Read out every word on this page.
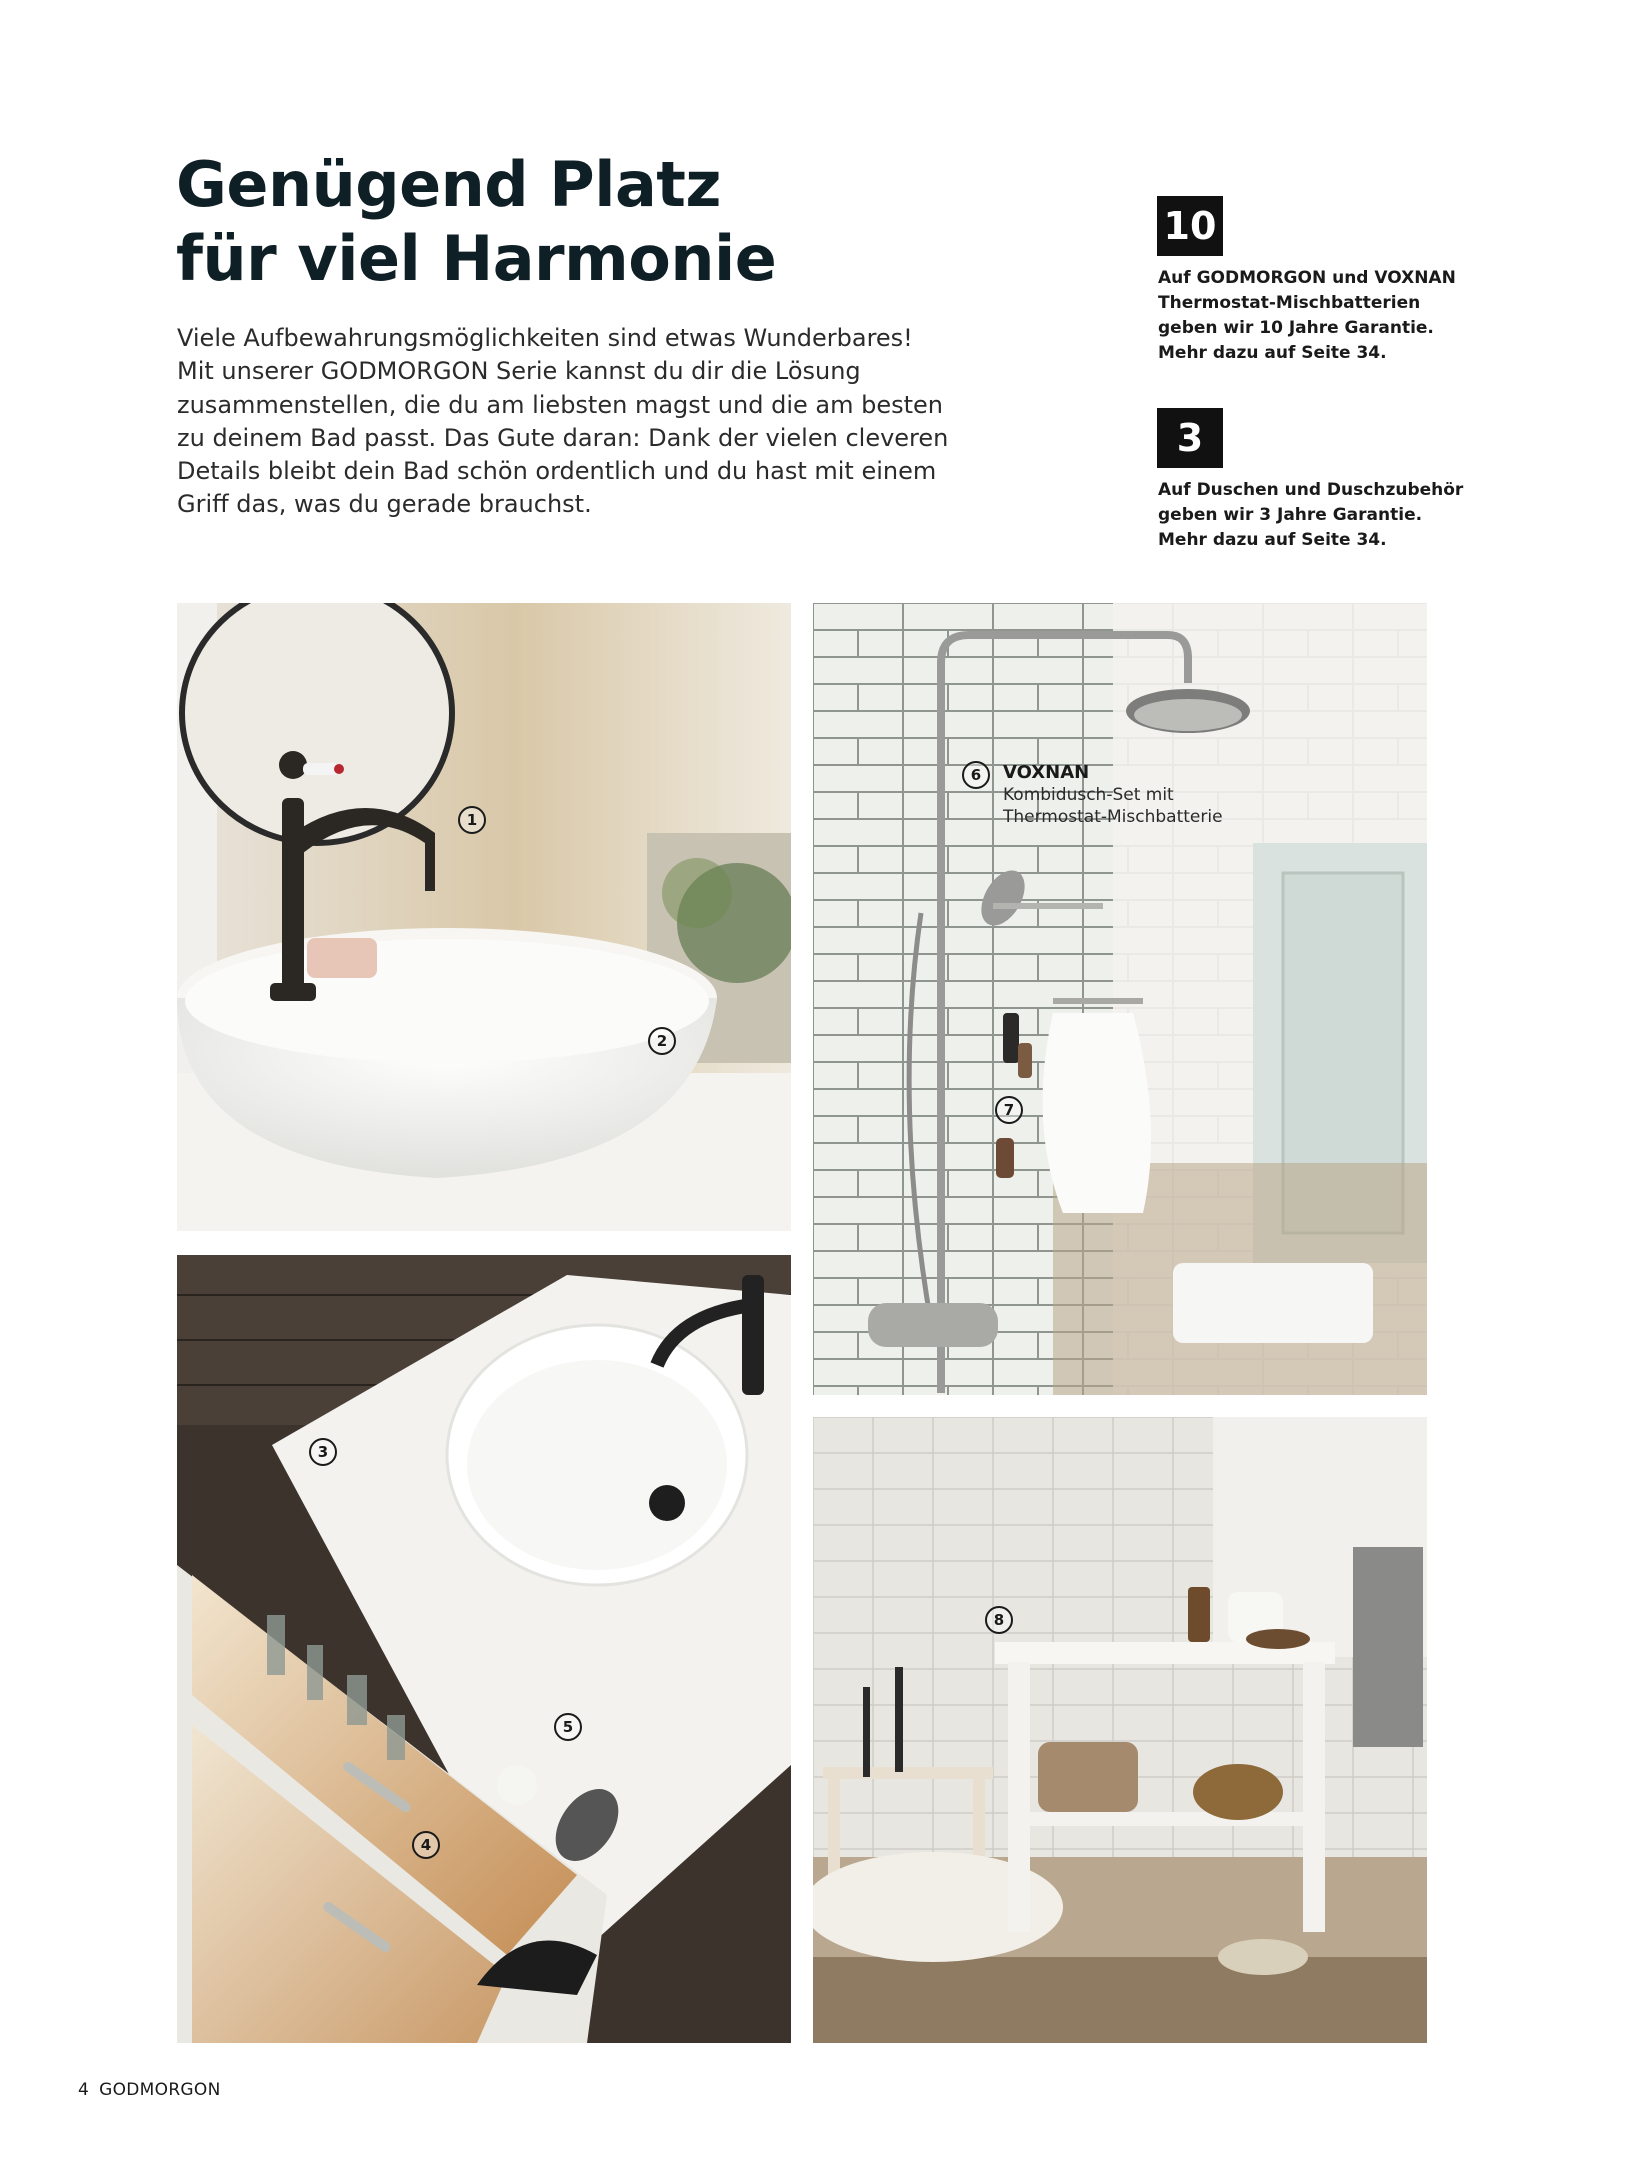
Genügend Platz
für viel Harmonie

Viele Aufbewahrungsmöglichkeiten sind etwas Wunderbares!
Mit unserer GODMORGON Serie kannst du dir die Lösung
zusammenstellen, die du am liebsten magst und die am besten
zu deinem Bad passt. Das Gute daran: Dank der vielen cleveren
Details bleibt dein Bad schön ordentlich und du hast mit einem
Griff das, was du gerade brauchst.

10

Auf GODMORGON und VOXNAN
Thermostat-Mischbatterien
geben wir 10 Jahre Garantie.
Mehr dazu auf Seite 34.

3

Auf Duschen und Duschzubehör
geben wir 3 Jahre Garantie.
Mehr dazu auf Seite 34.

1
2
3
4
5
6
7
8
VOXNAN
Kombidusch-Set mit
Thermostat-Mischbatterie
4 GODMORGON
